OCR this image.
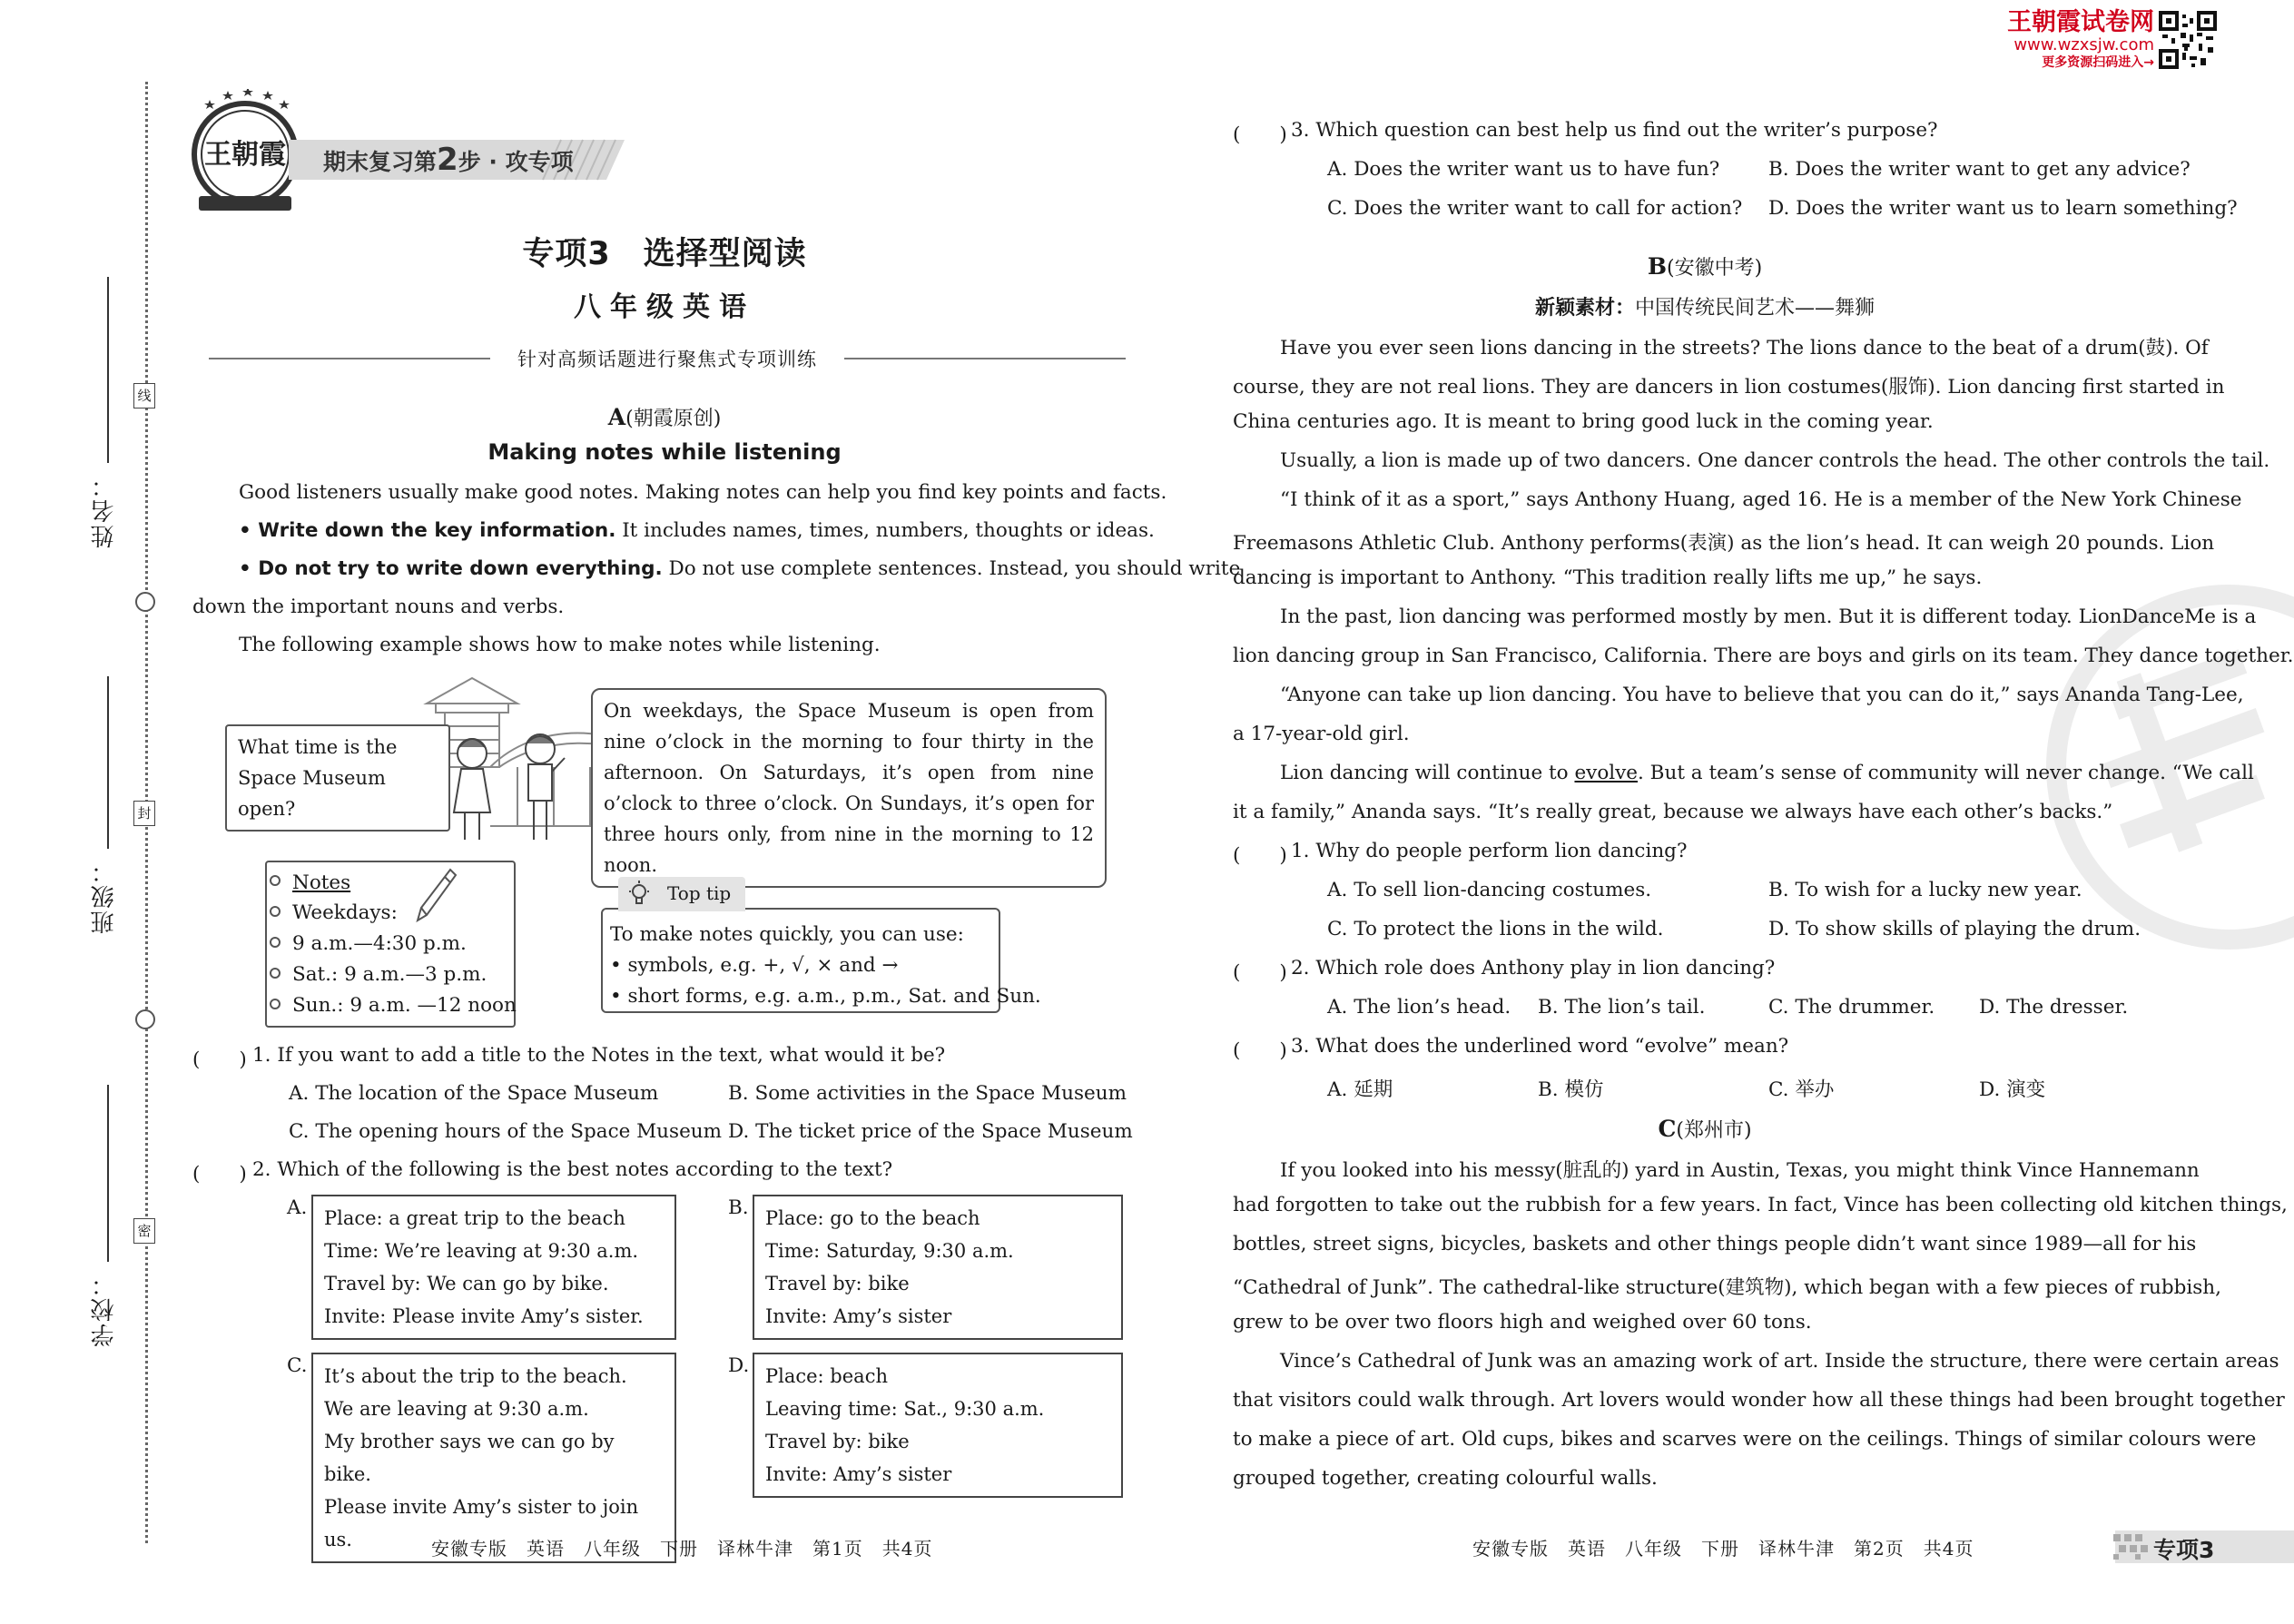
线
封
密
姓名：
班级：
学校：
王朝霞 期末复习第2步 · 攻专项
专项3　选择型阅读
八年级英语
针对高频话题进行聚焦式专项训练
王朝霞试卷网
www.wzxsjw.com
更多资源扫码进入→
A(朝霞原创)
Making notes while listening
Good listeners usually make good notes. Making notes can help you find key points and facts.
• Write down the key information. It includes names, times, numbers, thoughts or ideas.
• Do not try to write down everything. Do not use complete sentences. Instead, you should write
down the important nouns and verbs.
The following example shows how to make notes while listening.
What time is the Space Museum open?
On weekdays, the Space Museum is open from nine o’clock in the morning to four thirty in the afternoon. On Saturdays, it’s open from nine o’clock to three o’clock. On Sundays, it’s open for three hours only, from nine in the morning to 12 noon.
Notes
Weekdays:
9 a.m.—4:30 p.m.
Sat.: 9 a.m.—3 p.m.
Sun.: 9 a.m. —12 noon
Top tip
To make notes quickly, you can use:
• symbols, e.g. +, √, × and →
• short forms, e.g. a.m., p.m., Sat. and Sun.
(　　) 1. If you want to add a title to the Notes in the text, what would it be?
A. The location of the Space Museum	B. Some activities in the Space Museum
C. The opening hours of the Space Museum D. The ticket price of the Space Museum
(　　) 2. Which of the following is the best notes according to the text?
A. Place: a great trip to the beach
Time: We’re leaving at 9:30 a.m.
Travel by: We can go by bike.
Invite: Please invite Amy’s sister.
B. Place: go to the beach
Time: Saturday, 9:30 a.m.
Travel by: bike
Invite: Amy’s sister
C. It’s about the trip to the beach.
We are leaving at 9:30 a.m.
My brother says we can go by bike.
Please invite Amy’s sister to join us.
D. Place: beach
Leaving time: Sat., 9:30 a.m.
Travel by: bike
Invite: Amy’s sister
安徽专版　英语　八年级　下册　译林牛津　第1页　共4页
(　　) 3. Which question can best help us find out the writer’s purpose?
A. Does the writer want us to have fun? B. Does the writer want to get any advice?
C. Does the writer want to call for action? D. Does the writer want us to learn something?
B(安徽中考)
新颖素材：中国传统民间艺术——舞狮
Have you ever seen lions dancing in the streets? The lions dance to the beat of a drum(鼓). Of
course, they are not real lions. They are dancers in lion costumes(服饰). Lion dancing first started in
China centuries ago. It is meant to bring good luck in the coming year.
Usually, a lion is made up of two dancers. One dancer controls the head. The other controls the tail.
“I think of it as a sport,” says Anthony Huang, aged 16. He is a member of the New York Chinese
Freemasons Athletic Club. Anthony performs(表演) as the lion’s head. It can weigh 20 pounds. Lion
dancing is important to Anthony. “This tradition really lifts me up,” he says.
In the past, lion dancing was performed mostly by men. But it is different today. LionDanceMe is a
lion dancing group in San Francisco, California. There are boys and girls on its team. They dance together.
“Anyone can take up lion dancing. You have to believe that you can do it,” says Ananda Tang-Lee,
a 17-year-old girl.
Lion dancing will continue to evolve. But a team’s sense of community will never change. “We call
it a family,” Ananda says. “It’s really great, because we always have each other’s backs.”
(　　) 1. Why do people perform lion dancing?
A. To sell lion-dancing costumes.	B. To wish for a lucky new year.
C. To protect the lions in the wild.	D. To show skills of playing the drum.
(　　) 2. Which role does Anthony play in lion dancing?
A. The lion’s head. B. The lion’s tail.	C. The drummer. D. The dresser.
(　　) 3. What does the underlined word “evolve” mean?
A. 延期	B. 模仿	C. 举办	D. 演变
C(郑州市)
If you looked into his messy(脏乱的) yard in Austin, Texas, you might think Vince Hannemann
had forgotten to take out the rubbish for a few years. In fact, Vince has been collecting old kitchen things,
bottles, street signs, bicycles, baskets and other things people didn’t want since 1989—all for his
“Cathedral of Junk”. The cathedral-like structure(建筑物), which began with a few pieces of rubbish,
grew to be over two floors high and weighed over 60 tons.
Vince’s Cathedral of Junk was an amazing work of art. Inside the structure, there were certain areas
that visitors could walk through. Art lovers would wonder how all these things had been brought together
to make a piece of art. Old cups, bikes and scarves were on the ceilings. Things of similar colours were
grouped together, creating colourful walls.
安徽专版　英语　八年级　下册　译林牛津　第2页　共4页	专项3
